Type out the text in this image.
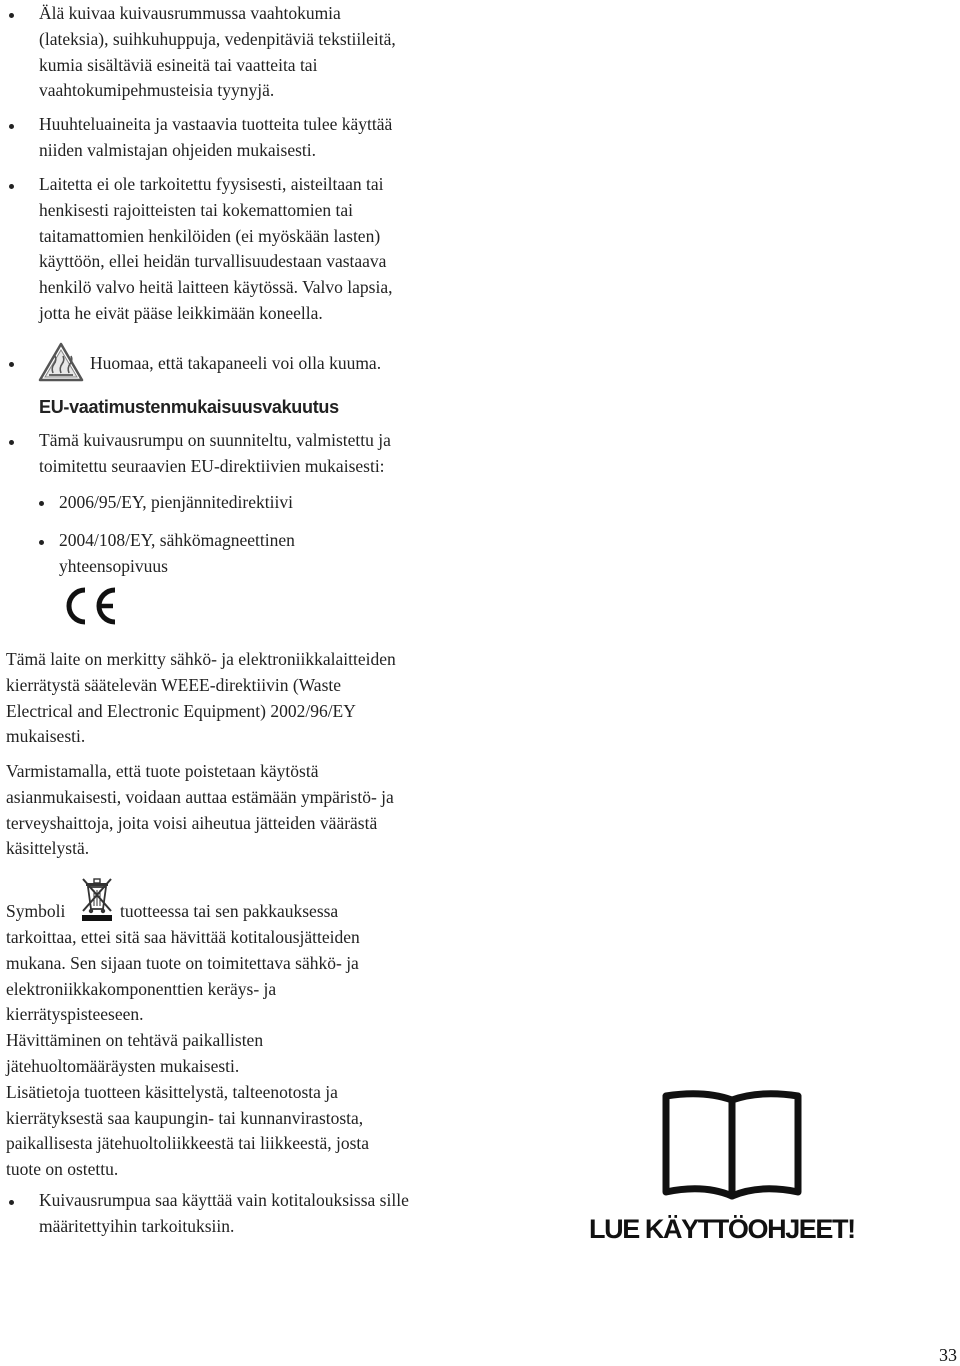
Älä kuivaa kuivausrummussa vaahtokumia
(lateksia), suihkuhuppuja, vedenpitäviä tekstiileitä,
kumia sisältäviä esineitä tai vaatteita tai
vaahtokumipehmusteisia tyynyjä.

Huuhteluaineita ja vastaavia tuotteita tulee käyttää
niiden valmistajan ohjeiden mukaisesti.

Laitetta ei ole tarkoitettu fyysisesti, aisteiltaan tai
henkisesti rajoitteisten tai kokemattomien tai
taitamattomien henkilöiden (ei myöskään lasten)
käyttöön, ellei heidän turvallisuudestaan vastaava
henkilö valvo heitä laitteen käytössä. Valvo lapsia,
jotta he eivät pääse leikkimään koneella.

Huomaa, että takapaneeli voi olla kuuma.

EU-vaatimustenmukaisuusvakuutus

Tämä kuivausrumpu on suunniteltu, valmistettu ja
toimitettu seuraavien EU-direktiivien mukaisesti:

2006/95/EY, pienjännitedirektiivi

2004/108/EY, sähkömagneettinen
yhteensopivuus

Tämä laite on merkitty sähkö- ja elektroniikkalaitteiden
kierrätystä säätelevän WEEE-direktiivin (Waste
Electrical and Electronic Equipment) 2002/96/EY
mukaisesti.

Varmistamalla, että tuote poistetaan käytöstä
asianmukaisesti, voidaan auttaa estämään ympäristö- ja
terveyshaittoja, joita voisi aiheutua jätteiden väärästä
käsittelystä.

Symboli	tuotteessa tai sen pakkauksessa

tarkoittaa, ettei sitä saa hävittää kotitalousjätteiden
mukana. Sen sijaan tuote on toimitettava sähkö- ja
elektroniikkakomponenttien keräys- ja
kierrätyspisteeseen.
Hävittäminen on tehtävä paikallisten
jätehuoltomääräysten mukaisesti.
Lisätietoja tuotteen käsittelystä, talteenotosta ja
kierrätyksestä saa kaupungin- tai kunnanvirastosta,
paikallisesta jätehuoltoliikkeestä tai liikkeestä, josta
tuote on ostettu.

Kuivausrumpua saa käyttää vain kotitalouksissa sille
määritettyihin tarkoituksiin.	LUE KÄYTTÖOHJEET!
33
